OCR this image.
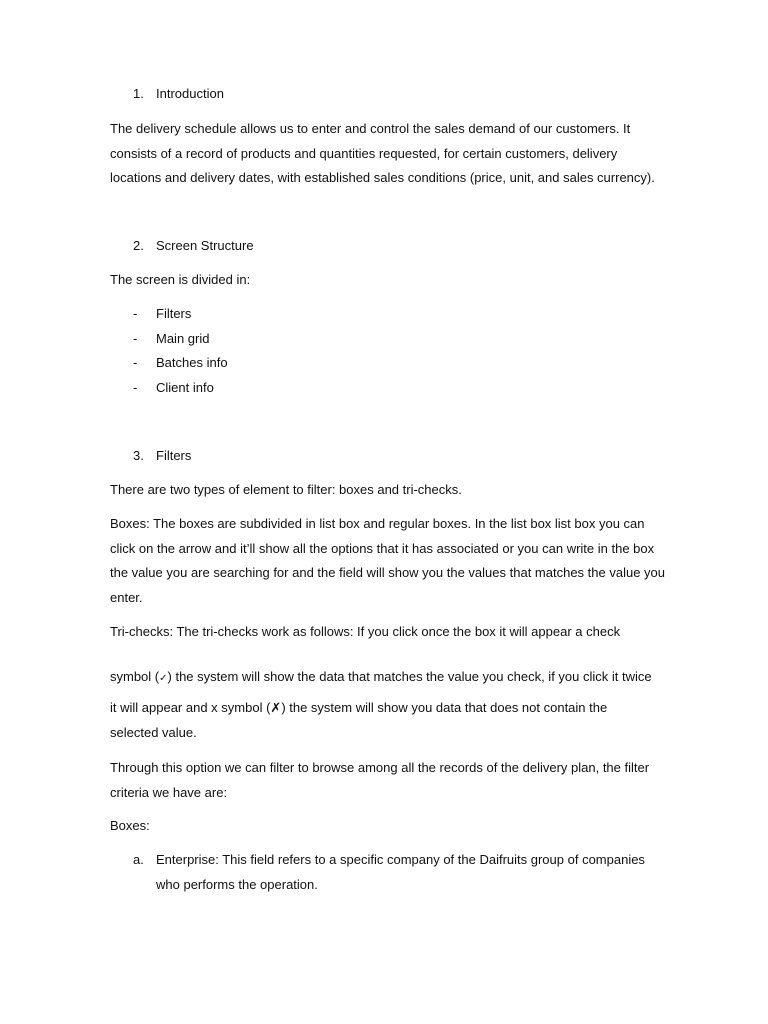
1. Introduction
The delivery schedule allows us to enter and control the sales demand of our customers. It consists of a record of products and quantities requested, for certain customers, delivery locations and delivery dates, with established sales conditions (price, unit, and sales currency).
2. Screen Structure
The screen is divided in:
- Filters
- Main grid
- Batches info
- Client info
3. Filters
There are two types of element to filter: boxes and tri-checks.
Boxes: The boxes are subdivided in list box and regular boxes. In the list box list box you can click on the arrow and it’ll show all the options that it has associated or you can write in the box the value you are searching for and the field will show you the values that matches the value you enter.
Tri-checks: The tri-checks work as follows: If you click once the box it will appear a check
symbol (✓) the system will show the data that matches the value you check, if you click it twice
it will appear and x symbol (✗) the system will show you data that does not contain the
selected value.
Through this option we can filter to browse among all the records of the delivery plan, the filter criteria we have are:
Boxes:
a. Enterprise: This field refers to a specific company of the Daifruits group of companies who performs the operation.
